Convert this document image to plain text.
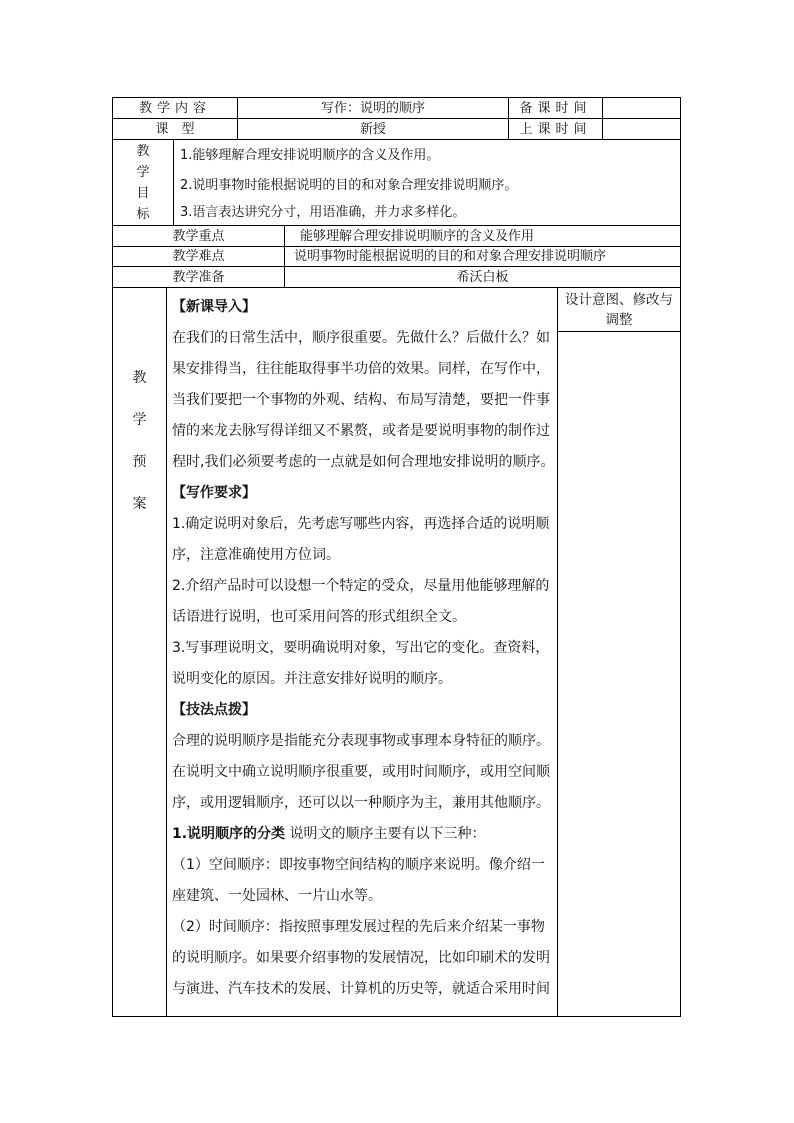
教学内容	写作：说明的顺序	备课时间
课　型	新授	上课时间
教
学
目
标

1.能够理解合理安排说明顺序的含义及作用。

2.说明事物时能根据说明的目的和对象合理安排说明顺序。

3.语言表达讲究分寸，用语准确，并力求多样化。

教学重点	能够理解合理安排说明顺序的含义及作用
教学难点	说明事物时能根据说明的目的和对象合理安排说明顺序
教学准备	希沃白板
教
学
预
案
设计意图、修改与调整

【新课导入】

在我们的日常生活中，顺序很重要。先做什么？后做什么？如

果安排得当，往往能取得事半功倍的效果。同样，在写作中，

当我们要把一个事物的外观、结构、布局写清楚，要把一件事

情的来龙去脉写得详细又不累赘，或者是要说明事物的制作过

程时,我们必须要考虑的一点就是如何合理地安排说明的顺序。

【写作要求】

1.确定说明对象后，先考虑写哪些内容，再选择合适的说明顺

序，注意准确使用方位词。

2.介绍产品时可以设想一个特定的受众，尽量用他能够理解的

话语进行说明，也可采用问答的形式组织全文。

3.写事理说明文，要明确说明对象，写出它的变化。查资料，

说明变化的原因。并注意安排好说明的顺序。

【技法点拨】

合理的说明顺序是指能充分表现事物或事理本身特征的顺序。

在说明文中确立说明顺序很重要，或用时间顺序，或用空间顺

序，或用逻辑顺序，还可以以一种顺序为主，兼用其他顺序。

1.说明顺序的分类 说明文的顺序主要有以下三种：

（1）空间顺序：即按事物空间结构的顺序来说明。像介绍一

座建筑、一处园林、一片山水等。

（2）时间顺序：指按照事理发展过程的先后来介绍某一事物

的说明顺序。如果要介绍事物的发展情况，比如印刷术的发明

与演进、汽车技术的发展、计算机的历史等，就适合采用时间
